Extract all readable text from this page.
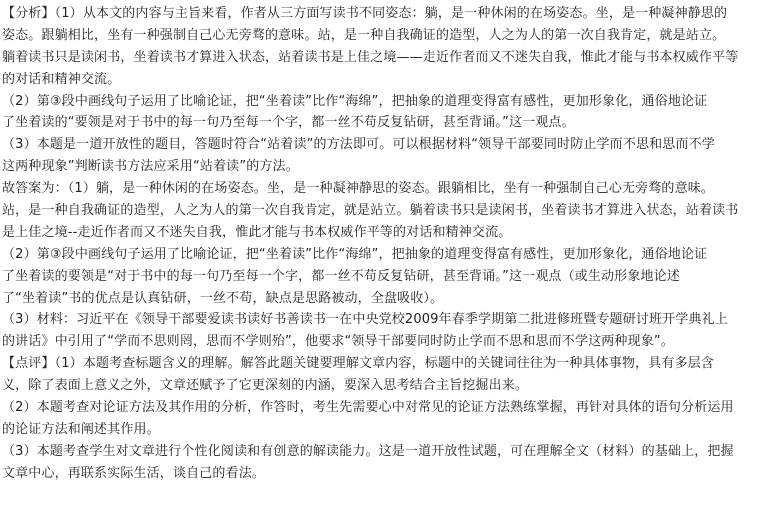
【分析】（1）从本文的内容与主旨来看，作者从三方面写读书不同姿态：躺，是一种休闲的在场姿态。坐，是一种凝神静思的
姿态。跟躺相比，坐有一种强制自己心无旁骛的意味。站，是一种自我确证的造型，人之为人的第一次自我肯定，就是站立。
躺着读书只是读闲书，坐着读书才算进入状态，站着读书是上佳之境——走近作者而又不迷失自我，惟此才能与书本权威作平等
的对话和精神交流。
（2）第③段中画线句子运用了比喻论证，把“坐着读”比作“海绵”，把抽象的道理变得富有感性，更加形象化，通俗地论证
了坐着读的“要领是对于书中的每一句乃至每一个字，都一丝不苟反复钻研，甚至背诵。”这一观点。
（3）本题是一道开放性的题目，答题时符合“站着读”的方法即可。可以根据材料“领导干部要同时防止学而不思和思而不学
这两种现象”判断读书方法应采用“站着读”的方法。
故答案为：（1）躺，是一种休闲的在场姿态。坐，是一种凝神静思的姿态。跟躺相比，坐有一种强制自己心无旁骛的意味。
站，是一种自我确证的造型，人之为人的第一次自我肯定，就是站立。躺着读书只是读闲书，坐着读书才算进入状态，站着读书
是上佳之境--走近作者而又不迷失自我，惟此才能与书本权威作平等的对话和精神交流。
（2）第③段中画线句子运用了比喻论证，把“坐着读”比作“海绵”，把抽象的道理变得富有感性，更加形象化，通俗地论证
了坐着读的要领是“对于书中的每一句乃至每一个字，都一丝不苟反复钻研，甚至背诵。”这一观点（或生动形象地论述
了“坐着读”书的优点是认真钻研，一丝不苟，缺点是思路被动，全盘吸收）。
（3）材料：习近平在《领导干部要爱读书读好书善读书一在中央党校2009年春季学期第二批进修班暨专题研讨班开学典礼上
的讲话》中引用了“学而不思则罔，思而不学则殆”，他要求“领导干部要同时防止学而不思和思而不学这两种现象”。
【点评】（1）本题考查标题含义的理解。解答此题关键要理解文章内容，标题中的关键词往往为一种具体事物，具有多层含
义，除了表面上意义之外，文章还赋予了它更深刻的内涵，要深入思考结合主旨挖掘出来。
（2）本题考查对论证方法及其作用的分析，作答时，考生先需要心中对常见的论证方法熟练掌握，再针对具体的语句分析运用
的论证方法和阐述其作用。
（3）本题考查学生对文章进行个性化阅读和有创意的解读能力。这是一道开放性试题，可在理解全文（材料）的基础上，把握
文章中心，再联系实际生活，谈自己的看法。
